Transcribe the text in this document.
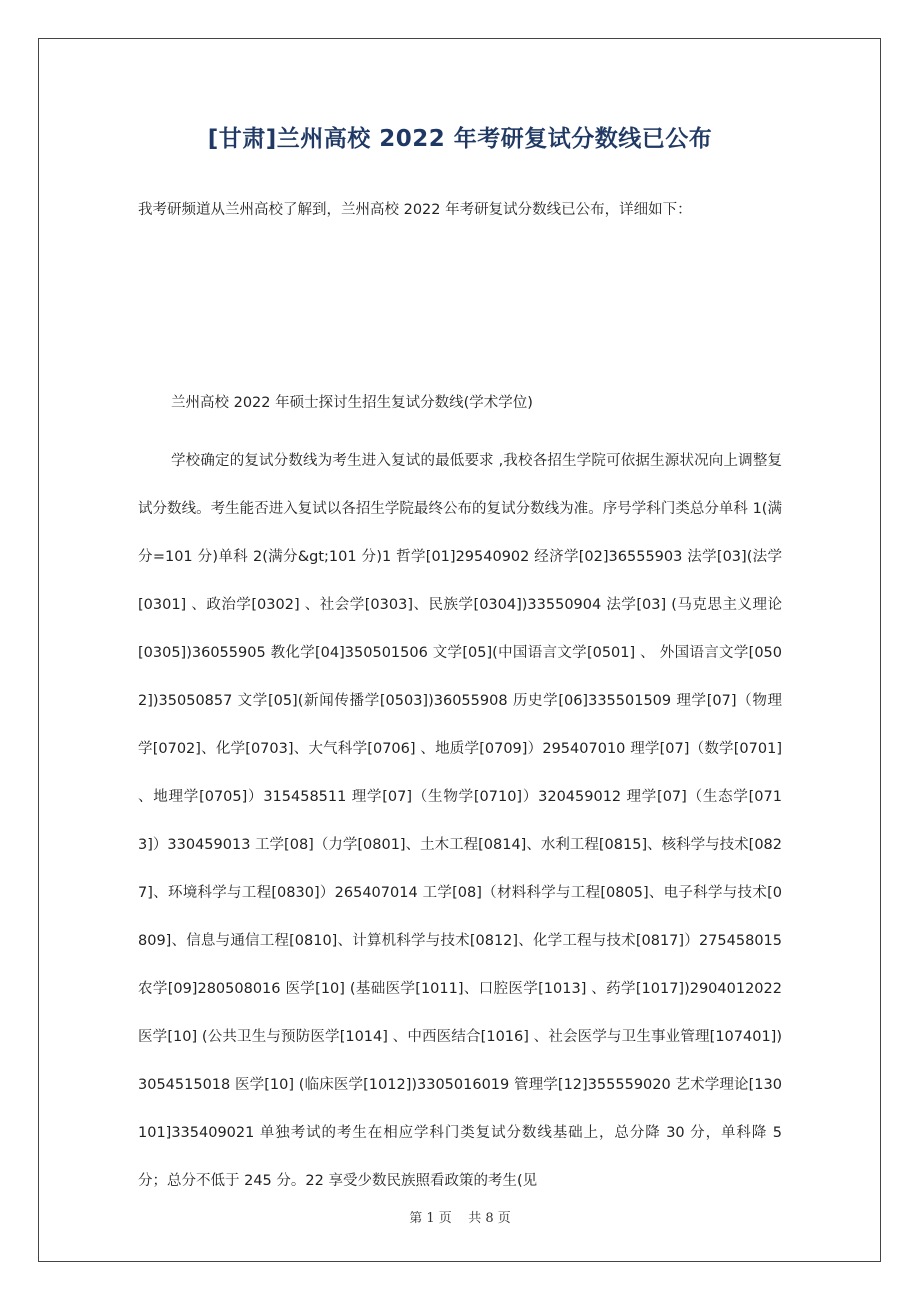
[甘肃]兰州高校 2022 年考研复试分数线已公布
我考研频道从兰州高校了解到，兰州高校 2022 年考研复试分数线已公布，详细如下：
兰州高校 2022 年硕士探讨生招生复试分数线(学术学位)

学校确定的复试分数线为考生进入复试的最低要求 ,我校各招生学院可依据生源状况向上调整复试分数线。考生能否进入复试以各招生学院最终公布的复试分数线为准。序号学科门类总分单科 1(满分=101 分)单科 2(满分&gt;101 分)1 哲学[01]29540902 经济学[02]36555903 法学[03](法学[0301] 、政治学[0302] 、社会学[0303]、民族学[0304])33550904 法学[03] (马克思主义理论[0305])36055905 教化学[04]350501506 文学[05](中国语言文学[0501] 、 外国语言文学[0502])35050857 文学[05](新闻传播学[0503])36055908 历史学[06]335501509 理学[07]（物理学[0702]、化学[0703]、大气科学[0706] 、地质学[0709]）295407010 理学[07]（数学[0701] 、地理学[0705]）315458511 理学[07]（生物学[0710]）320459012 理学[07]（生态学[0713]）330459013 工学[08]（力学[0801]、土木工程[0814]、水利工程[0815]、核科学与技术[0827]、环境科学与工程[0830]）265407014 工学[08]（材料科学与工程[0805]、电子科学与技术[0809]、信息与通信工程[0810]、计算机科学与技术[0812]、化学工程与技术[0817]）275458015 农学[09]280508016 医学[10] (基础医学[1011]、口腔医学[1013] 、药学[1017])2904012022 医学[10] (公共卫生与预防医学[1014] 、中西医结合[1016] 、社会医学与卫生事业管理[107401])3054515018 医学[10] (临床医学[1012])3305016019 管理学[12]355559020 艺术学理论[130101]335409021 单独考试的考生在相应学科门类复试分数线基础上，总分降 30 分，单科降 5 分；总分不低于 245 分。22 享受少数民族照看政策的考生(见

第 1 页    共 8 页
